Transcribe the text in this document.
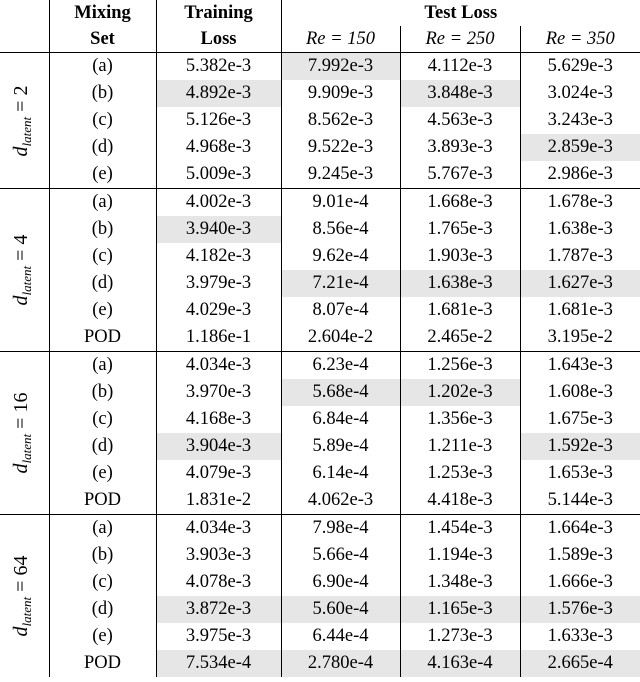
	Mixing	Training	Test Loss		
	Set	Loss	Re = 150	Re = 250	Re = 350

$d_{latent} = 2$	(a)	5.382e-3	7.992e-3	4.112e-3	5.629e-3
	(b)	4.892e-3	9.909e-3	3.848e-3	3.024e-3
	(c)	5.126e-3	8.562e-3	4.563e-3	3.243e-3
	(d)	4.968e-3	9.522e-3	3.893e-3	2.859e-3
	(e)	5.009e-3	9.245e-3	5.767e-3	2.986e-3

$d_{latent} = 4$	(a)	4.002e-3	9.01e-4	1.668e-3	1.678e-3
	(b)	3.940e-3	8.56e-4	1.765e-3	1.638e-3
	(c)	4.182e-3	9.62e-4	1.903e-3	1.787e-3
	(d)	3.979e-3	7.21e-4	1.638e-3	1.627e-3
	(e)	4.029e-3	8.07e-4	1.681e-3	1.681e-3
	POD	1.186e-1	2.604e-2	2.465e-2	3.195e-2

$d_{latent} = 16$	(a)	4.034e-3	6.23e-4	1.256e-3	1.643e-3
	(b)	3.970e-3	5.68e-4	1.202e-3	1.608e-3
	(c)	4.168e-3	6.84e-4	1.356e-3	1.675e-3
	(d)	3.904e-3	5.89e-4	1.211e-3	1.592e-3
	(e)	4.079e-3	6.14e-4	1.253e-3	1.653e-3
	POD	1.831e-2	4.062e-3	4.418e-3	5.144e-3

$d_{latent} = 64$	(a)	4.034e-3	7.98e-4	1.454e-3	1.664e-3
	(b)	3.903e-3	5.66e-4	1.194e-3	1.589e-3
	(c)	4.078e-3	6.90e-4	1.348e-3	1.666e-3
	(d)	3.872e-3	5.60e-4	1.165e-3	1.576e-3
	(e)	3.975e-3	6.44e-4	1.273e-3	1.633e-3
	POD	7.534e-4	2.780e-4	4.163e-4	2.665e-4
